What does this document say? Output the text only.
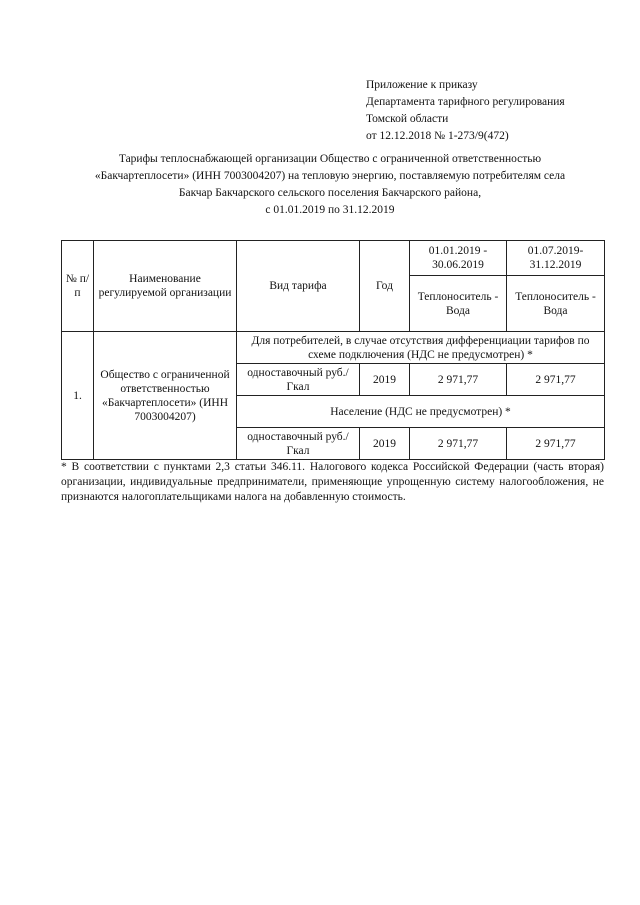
Приложение к приказу
Департамента тарифного регулирования
Томской области
от 12.12.2018 № 1-273/9(472)
Тарифы теплоснабжающей организации Общество с ограниченной ответственностью
«Бакчартеплосети» (ИНН 7003004207) на тепловую энергию, поставляемую потребителям села
Бакчар Бакчарского сельского поселения Бакчарского района,
с 01.01.2019 по 31.12.2019
№ п/п	Наименование регулируемой организации	Вид тарифа	Год	01.01.2019 - 30.06.2019	01.07.2019- 31.12.2019
				Теплоноситель - Вода	Теплоноситель - Вода
1.	Общество с ограниченной ответственностью «Бакчартеплосети» (ИНН 7003004207)	Для потребителей, в случае отсутствия дифференциации тарифов по схеме подключения (НДС не предусмотрен) *			
		одноставочный руб./Гкал	2019	2 971,77	2 971,77
		Население (НДС не предусмотрен) *			
		одноставочный руб./Гкал	2019	2 971,77	2 971,77
* В соответствии с пунктами 2,3 статьи 346.11. Налогового кодекса Российской Федерации (часть вторая) организации, индивидуальные предприниматели, применяющие упрощенную систему налогообложения, не признаются налогоплательщиками налога на добавленную стоимость.
